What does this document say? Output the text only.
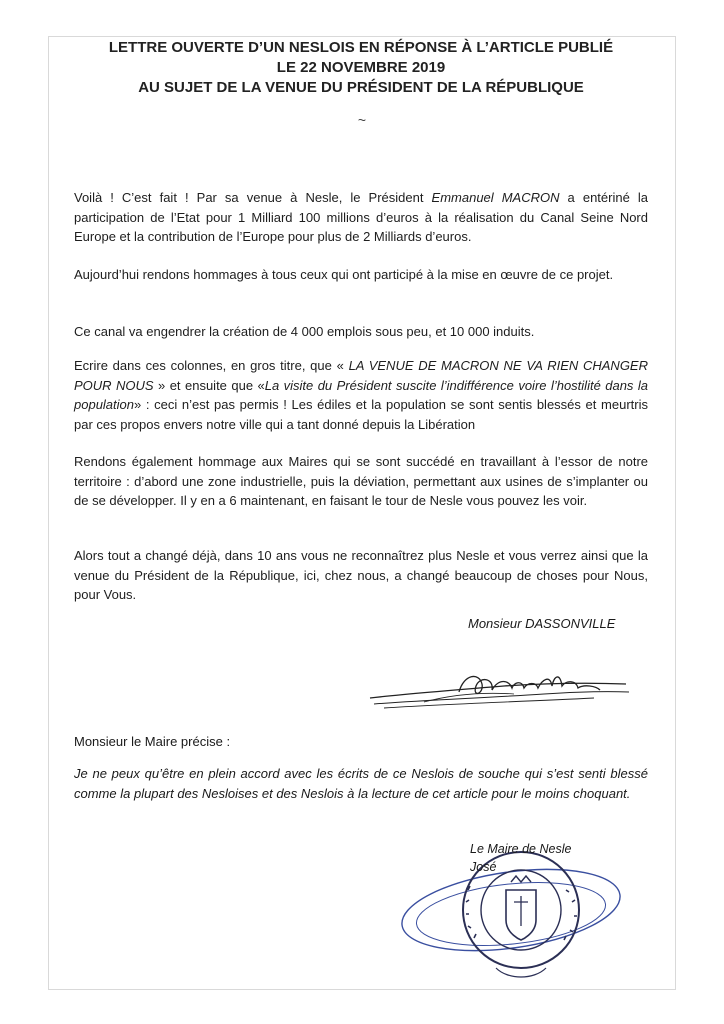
LETTRE OUVERTE D’UN NESLOIS EN RÉPONSE À L’ARTICLE PUBLIÉ
LE 22 NOVEMBRE 2019
AU SUJET DE LA VENUE DU PRÉSIDENT DE LA RÉPUBLIQUE
~
Voilà ! C’est fait ! Par sa venue à Nesle, le Président Emmanuel MACRON a entériné la participation de l’Etat pour 1 Milliard 100 millions d’euros à la réalisation du Canal Seine Nord Europe et la contribution de l’Europe pour plus de 2 Milliards d’euros.
Aujourd’hui rendons hommages à tous ceux qui ont participé à la mise en œuvre de ce projet.
Ce canal va engendrer la création de 4 000 emplois sous peu, et 10 000 induits.
Ecrire dans ces colonnes, en gros titre, que « LA VENUE DE MACRON NE VA RIEN CHANGER POUR NOUS » et ensuite que «La visite du Président suscite l’indifférence voire l’hostilité dans la population» : ceci n’est pas permis ! Les édiles et la population se sont sentis blessés et meurtris par ces propos envers notre ville qui a tant donné depuis la Libération
Rendons également hommage aux Maires qui se sont succédé en travaillant à l’essor de notre territoire : d’abord une zone industrielle, puis la déviation, permettant aux usines de s’implanter ou de se développer. Il y en a 6 maintenant, en faisant le tour de Nesle vous pouvez les voir.
Alors tout a changé déjà, dans 10 ans vous ne reconnaîtrez plus Nesle et vous verrez ainsi que la venue du Président de la République, ici, chez nous, a changé beaucoup de choses pour Nous, pour Vous.
Monsieur DASSONVILLE
Monsieur le Maire précise :
Je ne peux qu’être en plein accord avec les écrits de ce Neslois de souche qui s’est senti blessé comme la plupart des Nesloises et des Neslois à la lecture de cet article pour le moins choquant.
Le Maire de Nesle
José
